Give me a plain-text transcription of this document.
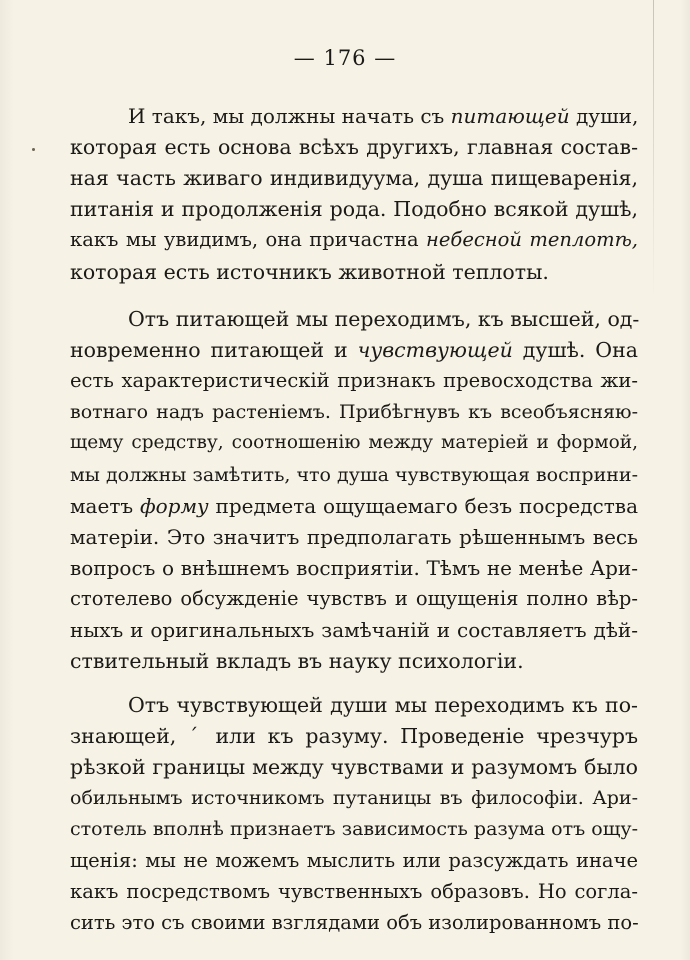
— 176 —
И такъ, мы должны начать съ питающей души,
которая есть основа всѣхъ другихъ, главная состав-
ная часть живаго индивидуума, душа пищеваренія,
питанія и продолженія рода. Подобно всякой душѣ,
какъ мы увидимъ, она причастна небесной теплотѣ,
которая есть источникъ животной теплоты.
Отъ питающей мы переходимъ, къ высшей, од-
новременно питающей и чувствующей душѣ. Она
есть характеристическій признакъ превосходства жи-
вотнаго надъ растеніемъ. Прибѣгнувъ къ всеобъясняю-
щему средству, соотношенію между матеріей и формой,
мы должны замѣтить, что душа чувствующая восприни-
маетъ форму предмета ощущаемаго безъ посредства
матеріи. Это значитъ предполагать рѣшеннымъ весь
вопросъ о внѣшнемъ восприятіи. Тѣмъ не менѣе Ари-
стотелево обсужденіе чувствъ и ощущенія полно вѣр-
ныхъ и оригинальныхъ замѣчаній и составляетъ дѣй-
ствительный вкладъ въ науку психологіи.
Отъ чувствующей души мы переходимъ къ по-
знающей, ˊ или къ разуму. Проведеніе чрезчуръ
рѣзкой границы между чувствами и разумомъ было
обильнымъ источникомъ путаницы въ философіи. Ари-
стотель вполнѣ признаетъ зависимость разума отъ ощу-
щенія: мы не можемъ мыслить или разсуждать иначе
какъ посредствомъ чувственныхъ образовъ. Но согла-
сить это съ своими взглядами объ изолированномъ по-
